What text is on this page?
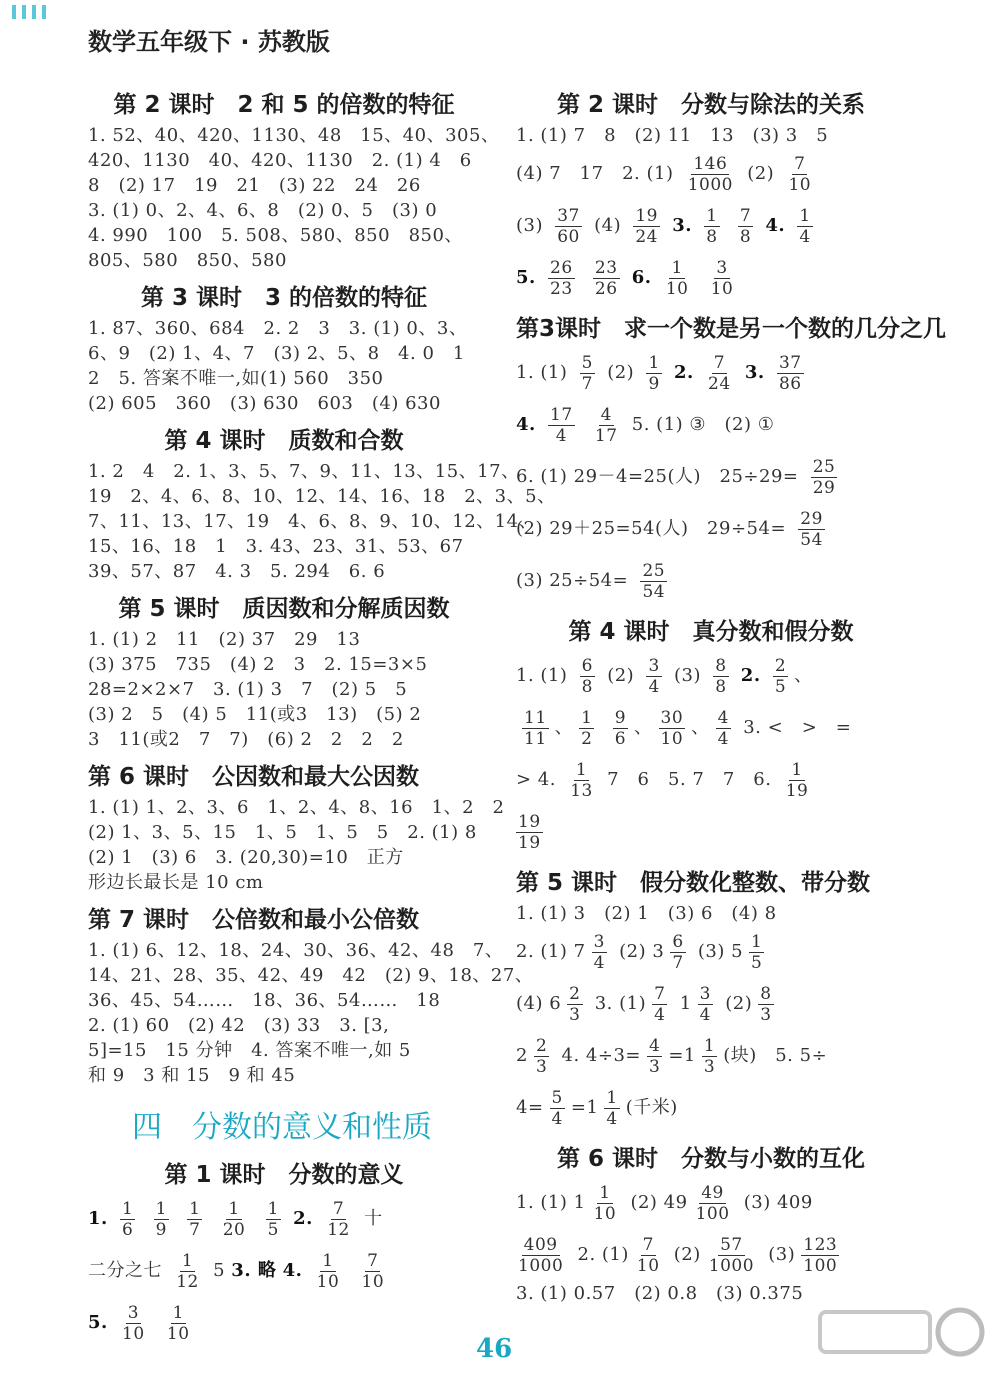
数学五年级下 · 苏教版
第 2 课时　2 和 5 的倍数的特征
1. 52、40、420、1130、48　15、40、305、
420、1130　40、420、1130　2. (1) 4　6
8　(2) 17　19　21　(3) 22　24　26
3. (1) 0、2、4、6、8　(2) 0、5　(3) 0
4. 990　100　5. 508、580、850　850、
805、580　850、580
第 3 课时　3 的倍数的特征
1. 87、360、684　2. 2　3　3. (1) 0、3、
6、9　(2) 1、4、7　(3) 2、5、8　4. 0　1
2　5. 答案不唯一,如(1) 560　350
(2) 605　360　(3) 630　603　(4) 630
第 4 课时　质数和合数
1. 2　4　2. 1、3、5、7、9、11、13、15、17、
19　2、4、6、8、10、12、14、16、18　2、3、5、
7、11、13、17、19　4、6、8、9、10、12、14、
15、16、18　1　3. 43、23、31、53、67
39、57、87　4. 3　5. 294　6. 6
第 5 课时　质因数和分解质因数
1. (1) 2　11　(2) 37　29　13
(3) 375　735　(4) 2　3　2. 15=3×5
28=2×2×7　3. (1) 3　7　(2) 5　5
(3) 2　5　(4) 5　11(或3　13)　(5) 2
3　11(或2　7　7)　(6) 2　2　2　2
第 6 课时　公因数和最大公因数
1. (1) 1、2、3、6　1、2、4、8、16　1、2　2
(2) 1、3、5、15　1、5　1、5　5　2. (1) 8
(2) 1　(3) 6　3. (20,30)=10　正方
形边长最长是 10 cm
第 7 课时　公倍数和最小公倍数
1. (1) 6、12、18、24、30、36、42、48　7、
14、21、28、35、42、49　42　(2) 9、18、27、
36、45、54……　18、36、54……　18
2. (1) 60　(2) 42　(3) 33　3. [3,
5]=15　15 分钟　4. 答案不唯一,如 5
和 9　3 和 15　9 和 45
四 分数的意义和性质
第 1 课时　分数的意义
1. $\frac{1}{6}$
$\frac{1}{9}$
$\frac{1}{7}$
$\frac{1}{20}$
$\frac{1}{5} 2$. $\frac{7}{12}$ 十
二分之七 $\frac{1}{12} 5$ 3. 略 4. $\frac{1}{10}$
$\frac{7}{10}$
5. $\frac{3}{10}$
$\frac{1}{10}$
第 2 课时　分数与除法的关系
1. (1) 7　8　(2) 11　13　(3) 3　5
(4) 7　17　2. $(1) \frac{146}{1000} (2) \frac{7}{10}$
$(3) \frac{37}{60} (4) \frac{19}{24} 3$. $\frac{1}{8}$
$\frac{7}{8} 4$. $\frac{1}{4}$
5. $\frac{26}{23}$
$\frac{23}{26} 6$. $\frac{1}{10}$
$\frac{3}{10}$
第3课时　求一个数是另一个数的几分之几
1. $(1) \frac{5}{7} (2) \frac{1}{9} 2$. $\frac{7}{24} 3$. $\frac{37}{86}$
4. $\frac{17}{4}$
$\frac{4}{17} 5$. (1) ③　(2) ①
6. (1) 29－4=25(人)　$25\div 29= \frac{25}{29}$
(2) 29＋25=54(人)　$29\div 54= \frac{29}{54}$
(3) $25\div 54= \frac{25}{54}$
第 4 课时　真分数和假分数
1. $(1) \frac{6}{8} (2) \frac{3}{4} (3) \frac{8}{8} 2$. $\frac{2}{5}$ 、
$\frac{11}{11}$ 、 $\frac{1}{2}$
$\frac{9}{6}$ 、 $\frac{30}{10}$ 、 $\frac{4}{4} 3$. <　>　=
> 4. $\frac{1}{13} 7$　6　5. 7　7　6. $\frac{1}{19}$
$\frac{19}{19}$
第 5 课时　假分数化整数、带分数
1. (1) 3　(2) 1　(3) 6　(4) 8
2. (1) $7 \frac{3}{4} (2)$ $3 \frac{6}{7} (3)$ $5 \frac{1}{5}$
(4) $6 \frac{2}{3} 3$. $(1) \frac{7}{4} 1 \frac{3}{4} (2) \frac{8}{3}$
$2 \frac{2}{3} 4$. $4\div 3= \frac{4}{3} =1 \frac{1}{3}$ (块)　5. 5÷
$4= \frac{5}{4} =1 \frac{1}{4}$ (千米)
第 6 课时　分数与小数的互化
1. (1) $1 \frac{1}{10} (2)$ $49 \frac{49}{100} (3)$ 409
$\frac{409}{1000} 2$. $(1) \frac{7}{10} (2) \frac{57}{1000} (3) \frac{123}{100}$
3. (1) 0.57　(2) 0.8　(3) 0.375
46
